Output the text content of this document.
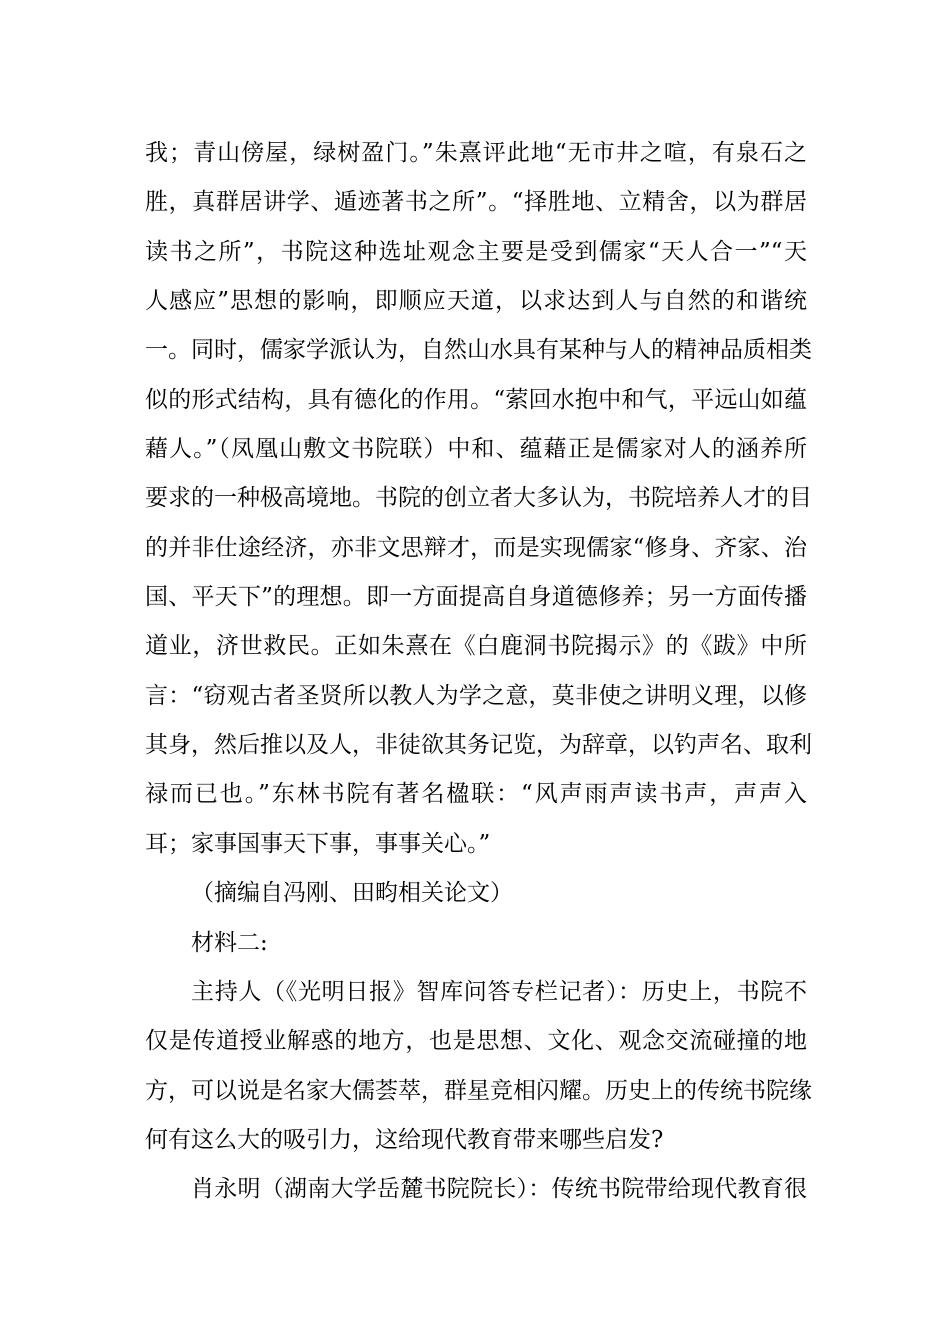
我；青山傍屋，绿树盈门。”朱熹评此地“无市井之喧，有泉石之
胜，真群居讲学、遁迹著书之所”。“择胜地、立精舍，以为群居
读书之所”，书院这种选址观念主要是受到儒家“天人合一”“天
人感应”思想的影响，即顺应天道，以求达到人与自然的和谐统
一。同时，儒家学派认为，自然山水具有某种与人的精神品质相类
似的形式结构，具有德化的作用。“萦回水抱中和气，平远山如蕴
藉人。”（凤凰山敷文书院联）中和、蕴藉正是儒家对人的涵养所
要求的一种极高境地。书院的创立者大多认为，书院培养人才的目
的并非仕途经济，亦非文思辩才，而是实现儒家“修身、齐家、治
国、平天下”的理想。即一方面提高自身道德修养；另一方面传播
道业，济世救民。正如朱熹在《白鹿洞书院揭示》的《跋》中所
言：“窃观古者圣贤所以教人为学之意，莫非使之讲明义理，以修
其身，然后推以及人，非徒欲其务记览，为辞章，以钓声名、取利
禄而已也。”东林书院有著名楹联：“风声雨声读书声，声声入
耳；家事国事天下事，事事关心。”
（摘编自冯刚、田畇相关论文）
材料二:
主持人（《光明日报》智库问答专栏记者）：历史上，书院不
仅是传道授业解惑的地方，也是思想、文化、观念交流碰撞的地
方，可以说是名家大儒荟萃，群星竞相闪耀。历史上的传统书院缘
何有这么大的吸引力，这给现代教育带来哪些启发?
肖永明（湖南大学岳麓书院院长）：传统书院带给现代教育很
